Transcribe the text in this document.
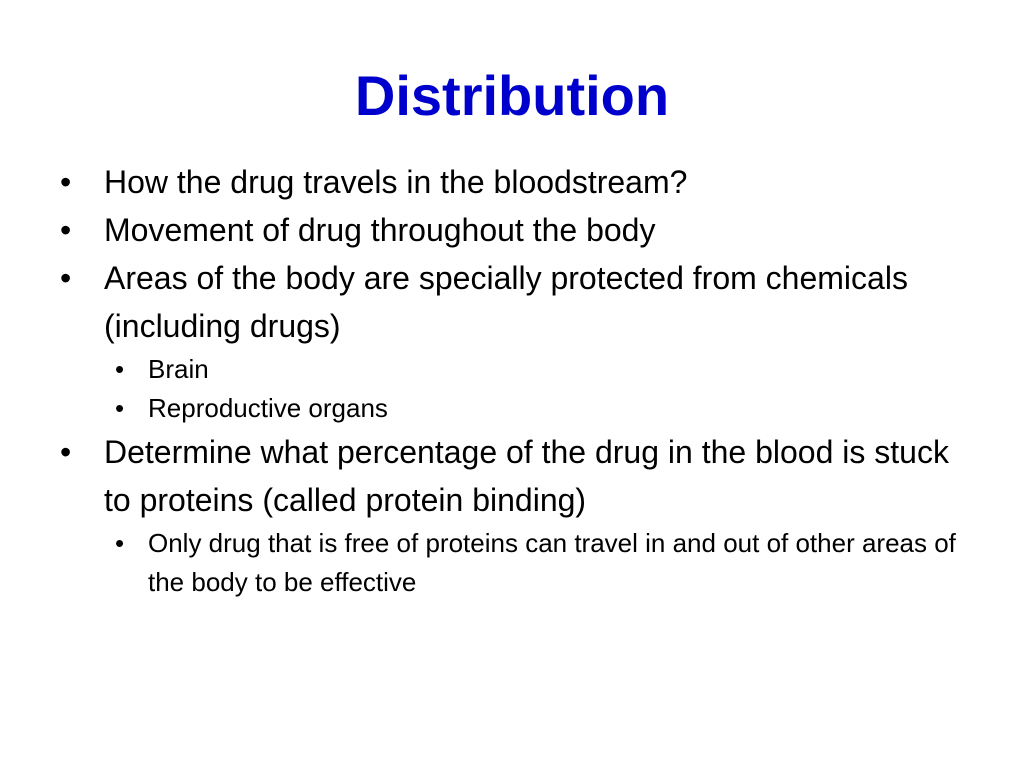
Distribution
•	How the drug travels in the bloodstream?
•	Movement of drug throughout the body
•	Areas of the body are specially protected from chemicals (including drugs)
• Brain
• Reproductive organs
•	Determine what percentage of the drug in the blood is stuck to proteins (called protein binding)
• Only drug that is free of proteins can travel in and out of other areas of the body to be effective
